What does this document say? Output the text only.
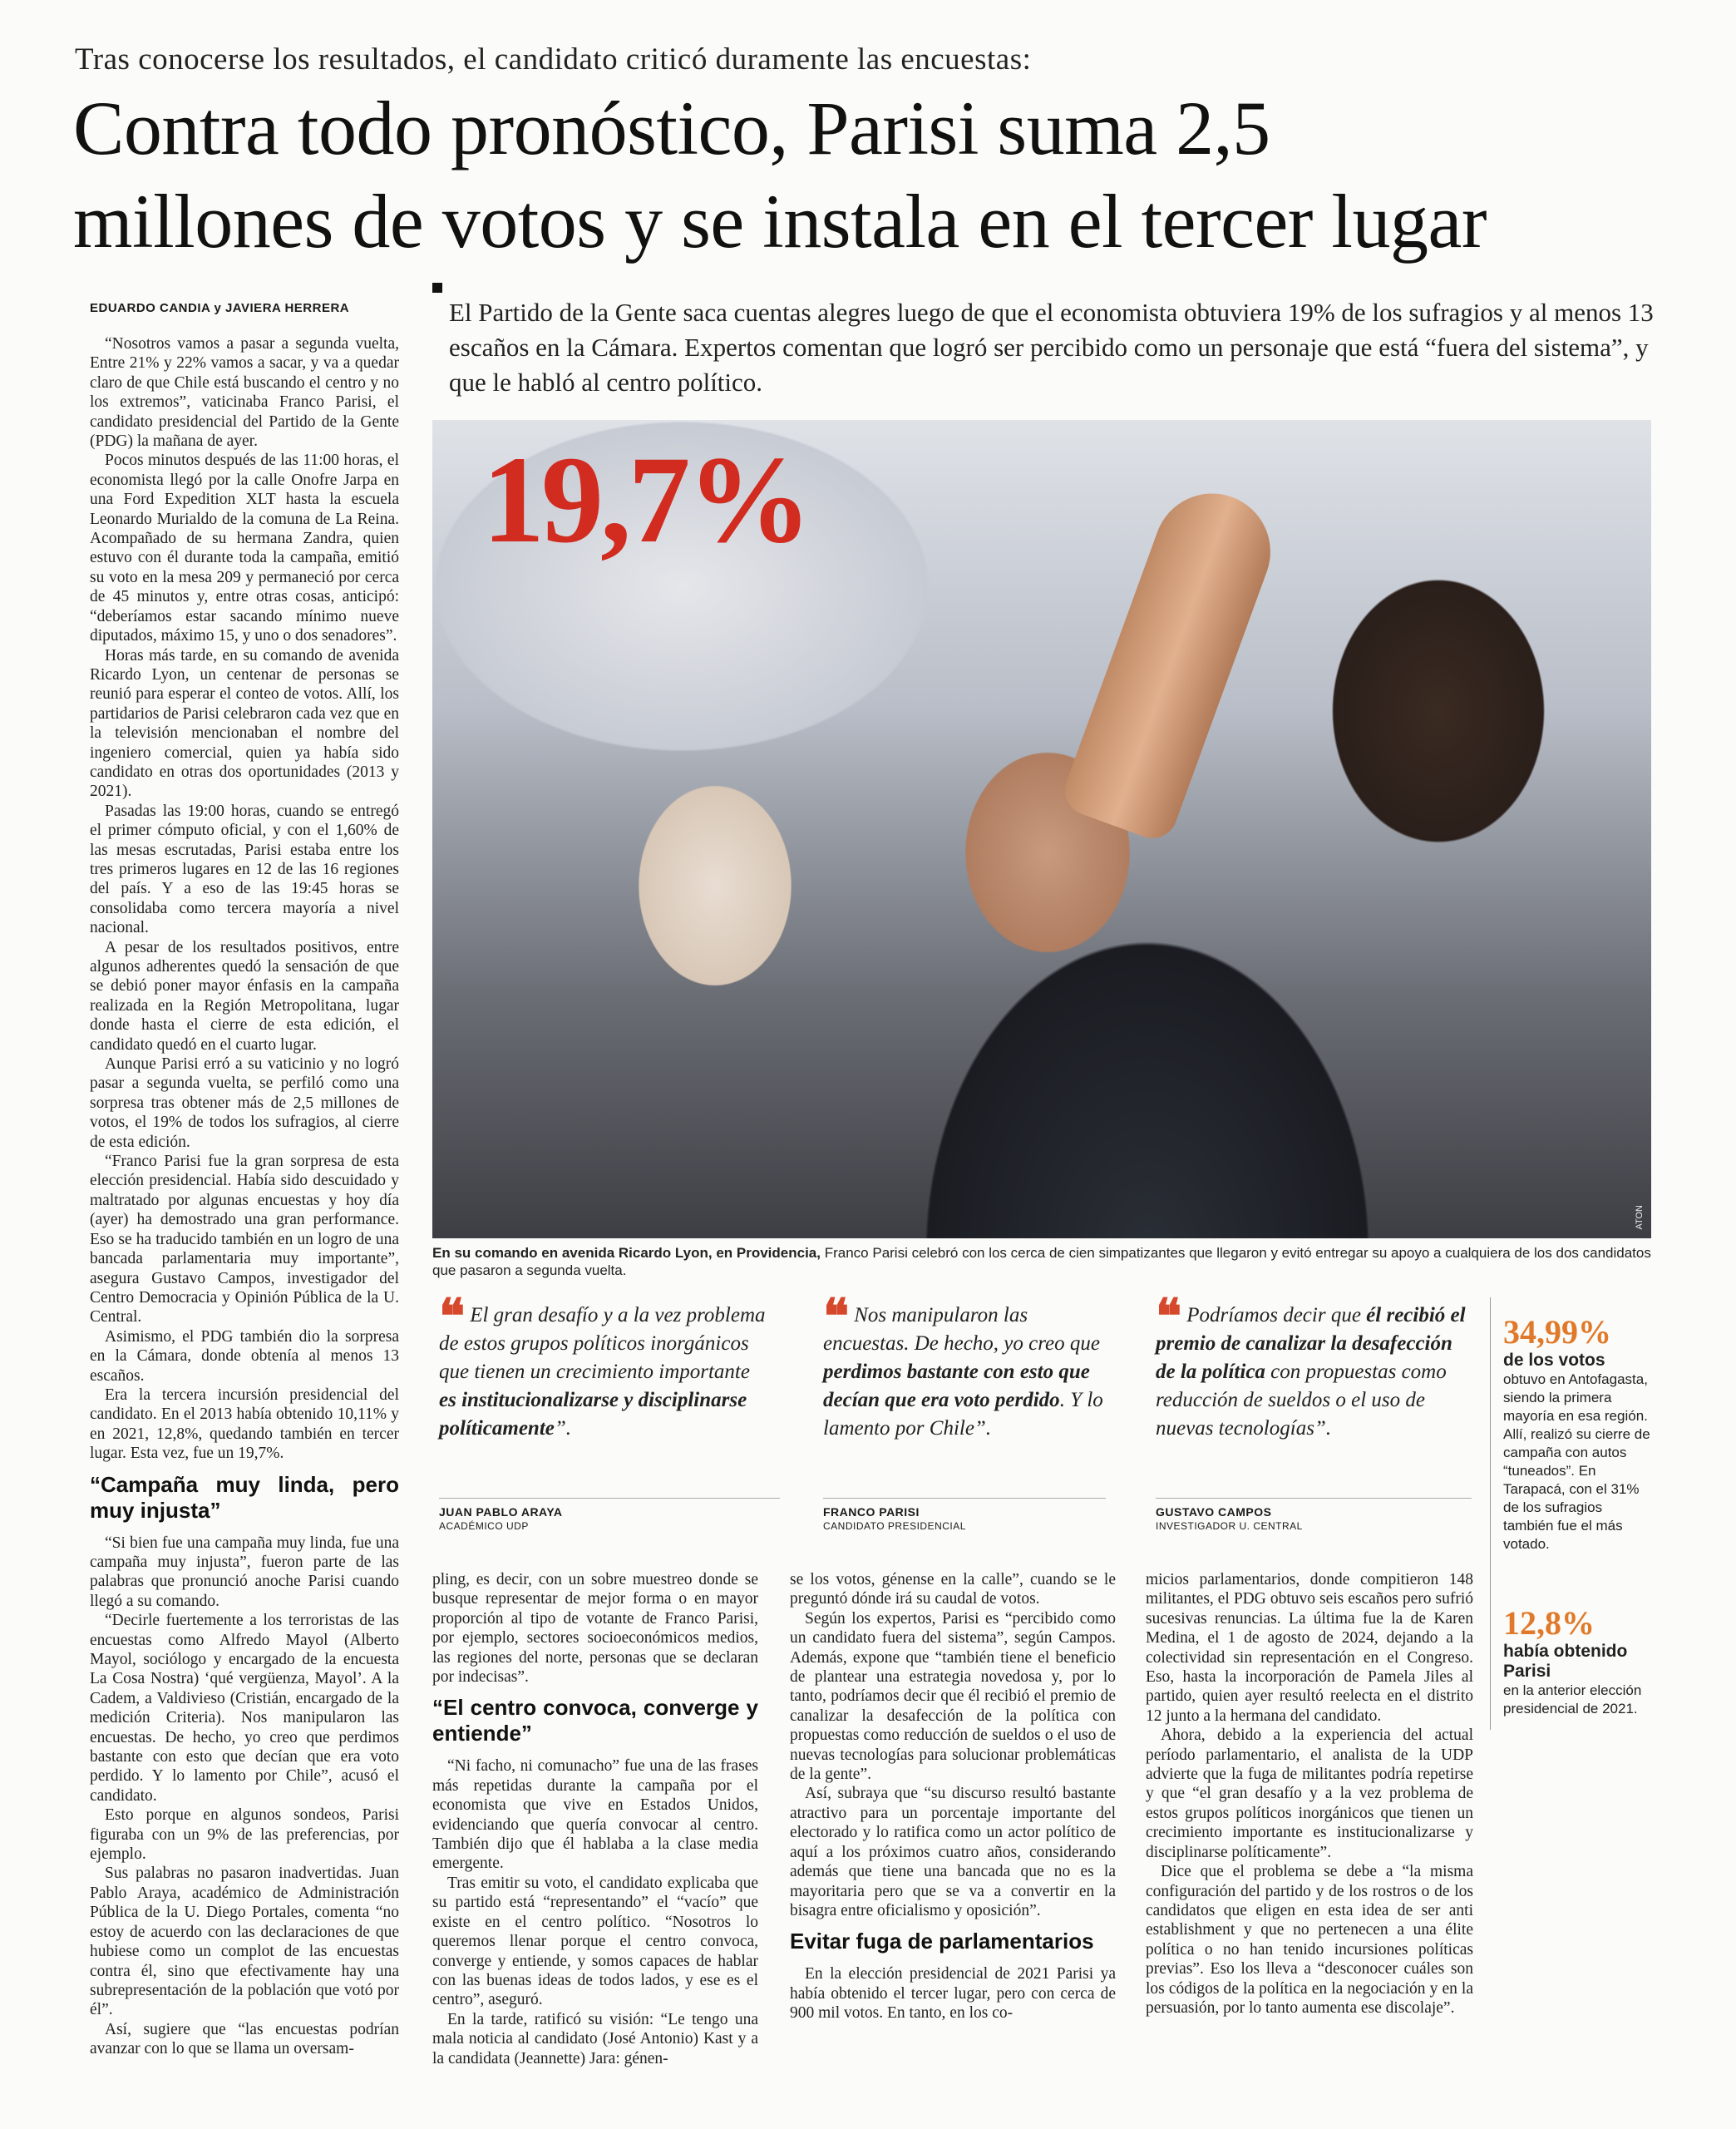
Tras conocerse los resultados, el candidato criticó duramente las encuestas:
Contra todo pronóstico, Parisi suma 2,5
millones de votos y se instala en el tercer lugar
EDUARDO CANDIA y JAVIERA HERRERA	El Partido de la Gente saca cuentas alegres luego de que el economista obtuviera 19% de los sufragios y al menos 13 escaños en la Cámara. Expertos comentan que logró ser percibido como un personaje que está “fuera del sistema”, y que le habló al centro político.

“Nosotros vamos a pasar a segunda vuelta, Entre 21% y 22% vamos a sacar, y va a quedar claro de que Chile está buscando el centro y no los extremos”, vaticinaba Franco Parisi, el candidato presidencial del Partido de la Gente (PDG) la mañana de ayer.

Pocos minutos después de las 11:00 horas, el economista llegó por la calle Onofre Jarpa en una Ford Expedition XLT hasta la escuela Leonardo Murialdo de la comuna de La Reina. Acompañado de su hermana Zandra, quien estuvo con él durante toda la campaña, emitió su voto en la mesa 209 y permaneció por cerca de 45 minutos y, entre otras cosas, anticipó: “deberíamos estar sacando mínimo nueve diputados, máximo 15, y uno o dos senadores”.

Horas más tarde, en su comando de avenida Ricardo Lyon, un centenar de personas se reunió para esperar el conteo de votos. Allí, los partidarios de Parisi celebraron cada vez que en la televisión mencionaban el nombre del ingeniero comercial, quien ya había sido candidato en otras dos oportunidades (2013 y 2021).

Pasadas las 19:00 horas, cuando se entregó el primer cómputo oficial, y con el 1,60% de las mesas escrutadas, Parisi estaba entre los tres primeros lugares en 12 de las 16 regiones del país. Y a eso de las 19:45 horas se consolidaba como tercera mayoría a nivel nacional.

A pesar de los resultados positivos, entre algunos adherentes quedó la sensación de que se debió poner mayor énfasis en la campaña realizada en la Región Metropolitana, lugar donde hasta el cierre de esta edición, el candidato quedó en el cuarto lugar.

Aunque Parisi erró a su vaticinio y no logró pasar a segunda vuelta, se perfiló como una sorpresa tras obtener más de 2,5 millones de votos, el 19% de todos los sufragios, al cierre de esta edición.

“Franco Parisi fue la gran sorpresa de esta elección presidencial. Había sido descuidado y maltratado por algunas encuestas y hoy día (ayer) ha demostrado una gran performance. Eso se ha traducido también en un logro de una bancada parlamentaria muy importante”, asegura Gustavo Campos, investigador del Centro Democracia y Opinión Pública de la U. Central.

Asimismo, el PDG también dio la sorpresa en la Cámara, donde obtenía al menos 13 escaños.

Era la tercera incursión presidencial del candidato. En el 2013 había obtenido 10,11% y en 2021, 12,8%, quedando también en tercer lugar. Esta vez, fue un 19,7%.

“Campaña muy linda, pero muy injusta”

“Si bien fue una campaña muy linda, fue una campaña muy injusta”, fueron parte de las palabras que pronunció anoche Parisi cuando llegó a su comando.

“Decirle fuertemente a los terroristas de las encuestas como Alfredo Mayol (Alberto Mayol, sociólogo y encargado de la encuesta La Cosa Nostra) ‘qué vergüenza, Mayol’. A la Cadem, a Valdivieso (Cristián, encargado de la medición Criteria). Nos manipularon las encuestas. De hecho, yo creo que perdimos bastante con esto que decían que era voto perdido. Y lo lamento por Chile”, acusó el candidato.

Esto porque en algunos sondeos, Parisi figuraba con un 9% de las preferencias, por ejemplo.

Sus palabras no pasaron inadvertidas. Juan Pablo Araya, académico de Administración Pública de la U. Diego Portales, comenta “no estoy de acuerdo con las declaraciones de que hubiese como un complot de las encuestas contra él, sino que efectivamente hay una subrepresentación de la población que votó por él”.

Así, sugiere que “las encuestas podrían avanzar con lo que se llama un oversam-

19,7%
ATON
En su comando en avenida Ricardo Lyon, en Providencia, Franco Parisi celebró con los cerca de cien simpatizantes que llegaron y evitó entregar su apoyo a cualquiera de los dos candidatos que pasaron a segunda vuelta.
❝ El gran desafío y a la vez problema de estos grupos políticos inorgánicos que tienen un crecimiento importante es institucionalizarse y disciplinarse políticamente”.
❝ Nos manipularon las encuestas. De hecho, yo creo que perdimos bastante con esto que decían que era voto perdido. Y lo lamento por Chile”.
❝ Podríamos decir que él recibió el premio de canalizar la desafección de la política con propuestas como reducción de sueldos o el uso de nuevas tecnologías”.
JUAN PABLO ARAYA
ACADÉMICO UDP
FRANCO PARISI
CANDIDATO PRESIDENCIAL
GUSTAVO CAMPOS
INVESTIGADOR U. CENTRAL
34,99%
de los votos
obtuvo en Antofagasta, siendo la primera mayoría en esa región. Allí, realizó su cierre de campaña con autos “tuneados”. En Tarapacá, con el 31% de los sufragios también fue el más votado.
12,8%
había obtenido Parisi
en la anterior elección presidencial de 2021.

pling, es decir, con un sobre muestreo donde se busque representar de mejor forma o en mayor proporción al tipo de votante de Franco Parisi, por ejemplo, sectores socioeconómicos medios, las regiones del norte, personas que se declaran por indecisas”.

“El centro convoca, converge y entiende”

“Ni facho, ni comunacho” fue una de las frases más repetidas durante la campaña por el economista que vive en Estados Unidos, evidenciando que quería convocar al centro. También dijo que él hablaba a la clase media emergente.

Tras emitir su voto, el candidato explicaba que su partido está “representando” el “vacío” que existe en el centro político. “Nosotros lo queremos llenar porque el centro convoca, converge y entiende, y somos capaces de hablar con las buenas ideas de todos lados, y ese es el centro”, aseguró.

En la tarde, ratificó su visión: “Le tengo una mala noticia al candidato (José Antonio) Kast y a la candidata (Jeannette) Jara: génen-

se los votos, génense en la calle”, cuando se le preguntó dónde irá su caudal de votos.

Según los expertos, Parisi es “percibido como un candidato fuera del sistema”, según Campos. Además, expone que “también tiene el beneficio de plantear una estrategia novedosa y, por lo tanto, podríamos decir que él recibió el premio de canalizar la desafección de la política con propuestas como reducción de sueldos o el uso de nuevas tecnologías para solucionar problemáticas de la gente”.

Así, subraya que “su discurso resultó bastante atractivo para un porcentaje importante del electorado y lo ratifica como un actor político de aquí a los próximos cuatro años, considerando además que tiene una bancada que no es la mayoritaria pero que se va a convertir en la bisagra entre oficialismo y oposición”.

Evitar fuga de parlamentarios

En la elección presidencial de 2021 Parisi ya había obtenido el tercer lugar, pero con cerca de 900 mil votos. En tanto, en los co-

micios parlamentarios, donde compitieron 148 militantes, el PDG obtuvo seis escaños pero sufrió sucesivas renuncias. La última fue la de Karen Medina, el 1 de agosto de 2024, dejando a la colectividad sin representación en el Congreso. Eso, hasta la incorporación de Pamela Jiles al partido, quien ayer resultó reelecta en el distrito 12 junto a la hermana del candidato.

Ahora, debido a la experiencia del actual período parlamentario, el analista de la UDP advierte que la fuga de militantes podría repetirse y que “el gran desafío y a la vez problema de estos grupos políticos inorgánicos que tienen un crecimiento importante es institucionalizarse y disciplinarse políticamente”.

Dice que el problema se debe a “la misma configuración del partido y de los rostros o de los candidatos que eligen en esta idea de ser anti establishment y que no pertenecen a una élite política o no han tenido incursiones políticas previas”. Eso los lleva a “desconocer cuáles son los códigos de la política en la negociación y en la persuasión, por lo tanto aumenta ese discolaje”.
